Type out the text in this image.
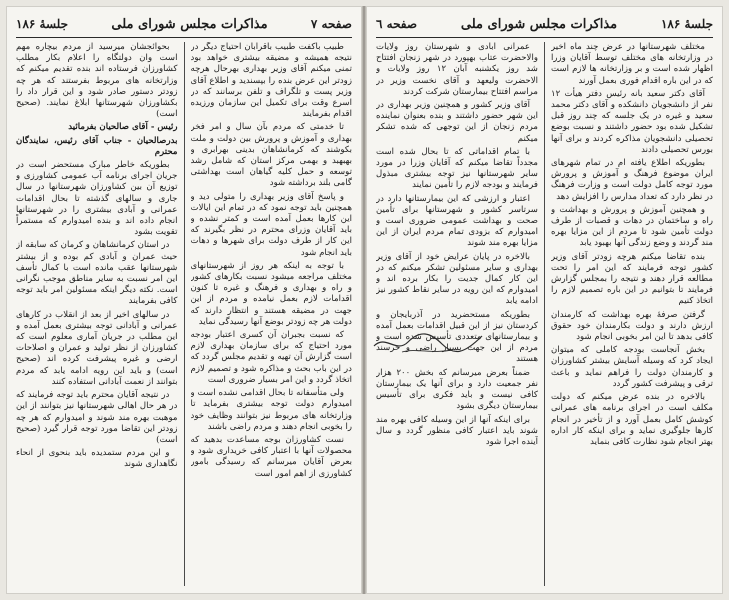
صفحه ۷
مذاکرات مجلس شورای ملی
جلسهٔ ۱۸۶

طبیب باکفت طبیب باقرابان احتیاج دیگر در نتیجه همیشه و مضیقه بیشتری خواهد بود تمنی میکنم آقای وزیر بهداری بهرحال هرچه زودتر این عرض بنده را بپسندید و اطلاع آقای وزیر پست و تلگراف و تلفن برسانند که در اسرع وقت برای تکمیل این سازمان ورزیده اقدام بفرمایند

تا خدمتی که مردم بآن سال و امر فخر بهداری و آموزش و پرورش بین دولت و ملت بکوشند که کرمانشاهان بدینی بهرابری و بهبهبد و بهمی مرکز استان که شامل رشد توسعه و حمل کلیه گیاهان است بهداشتی گامی بلند برداشته شود

و پاسخ آقای وزیر بهداری را متولی دید و همچنین باید توجه نمود که در تمام این ایالات این کارها بعمل آمده است و کمتر نشده و باید آقایان وزرای محترم در نظر بگیرند که این کار از طرف دولت برای شهرها و دهات باید انجام شود

با توجه به اینکه هر روز از شهرستانهای مختلف مراجعه میشود نسبت بکارهای کشور و راه و بهداری و فرهنگ و غیره تا کنون اقدامات لازم بعمل نیامده و مردم از این جهت در مضیقه هستند و انتظار دارند که دولت هر چه زودتر بوضع آنها رسیدگی نماید

که نسبت بجبران آن کسری اعتبار بودجه مورد احتیاج که برای سازمان بهداری لازم است گزارش آن تهیه و تقدیم مجلس گردد که در این باب بحث و مذاکره شود و تصمیم لازم اتخاذ گردد و این امر بسیار ضروری است

ولی متأسفانه تا بحال اقدامی نشده است و امیدوارم دولت توجه بیشتری بفرماید تا وزارتخانه های مربوط نیز بتوانند وظایف خود را بخوبی انجام دهند و مردم راضی باشند

نست کشاورزان بوجه مساعدت بدهید که محصولات آنها با اعتبار کافی خریداری شود و بعرض آقایان میرسانم که رسیدگی بامور کشاورزی از اهم امور است

بحوائجشان میرسید از مردم بیچاره مهم است وان دولتگاه را اعلام بکار مطلب کشاورزان فرستاده اند بنده تقدیم میکنم که وزارتخانه های مربوط بفرستند که هر چه زودتر دستور صادر شود و این قرار داد را بکشاورزان شهرستانها ابلاغ نمایند. (صحیح است)

رئیس - آقای صالحیان بفرمائید

بدرصالحیان - جناب آقای رئیس، نمایندگان محترم

بطوریکه خاطر مبارک مستحضر است در جریان اجرای برنامه آب عمومی کشاورزی و توزیع آن بین کشاورزان شهرستانها در سال جاری و سالهای گذشته تا بحال اقدامات عمرانی و آبادی بیشتری را در شهرستانها انجام داده اند و بنده امیدوارم که مستمراً تقویت بشود

در استان کرمانشاهان و کرمان که سابقه از حیث عمران و آبادی کم بوده و از بیشتر شهرستانها عقب مانده است با کمال تأسف این امر نسبت به سایر مناطق موجب نگرانی است. نکته دیگر اینکه مسئولین امر باید توجه کافی بفرمایند

در سالهای اخیر از بعد از انقلاب در کارهای عمرانی و آبادانی توجه بیشتری بعمل آمده و این مطلب در جریان آماری معلوم است که کشاورزان از نظر تولید و عمران و اصلاحات ارضی و غیره پیشرفت کرده اند (صحیح است) و باید این رویه ادامه یابد که مردم بتوانند از نعمت آبادانی استفاده کنند

در نتیجه آقایان محترم باید توجه فرمایند که در هر حال اهالی شهرستانها نیز بتوانند از این موهبت بهره مند شوند و امیدوارم که هر چه زودتر این تقاضا مورد توجه قرار گیرد (صحیح است)

و این مردم ستمدیده باید بنحوی از انحاء نگاهداری شوند

جلسهٔ ۱۸۶
مذاکرات مجلس شورای ملی
صفحه ٦

مختلف شهرستانها در عرض چند ماه اخیر در وزارتخانه های مختلف توسط آقایان وزرا اظهار شده است و بر وزارتخانه ها لازم است که در این باره اقدام فوری بعمل آورند

آقای دکتر سعید بانه رئیس دفتر هیأت ۱۲ نفر از دانشجویان دانشکده و آقای دکتر محمد سعید و غیره در یک جلسه که چند روز قبل تشکیل شده بود حضور داشتند و نسبت بوضع تحصیلی دانشجویان مذاکره کردند و برای آنها بورس تحصیلی دادند

بطوریکه اطلاع یافته ام در تمام شهرهای ایران موضوع فرهنگ و آموزش و پرورش مورد توجه کامل دولت است و وزارت فرهنگ در نظر دارد که تعداد مدارس را افزایش دهد

و همچنین آموزش و پرورش و بهداشت و راه و ساختمان در دهات و قصبات از طرف دولت تأمین شود تا مردم از این مزایا بهره مند گردند و وضع زندگی آنها بهبود یابد

بنده تقاضا میکنم هرچه زودتر آقای وزیر کشور توجه فرمایند که این امر را تحت مطالعه قرار دهند و نتیجه را بمجلس گزارش فرمایند تا بتوانیم در این باره تصمیم لازم را اتخاذ کنیم

گرفتن صرفهٔ بهره بهداشت که کارمندان ارزش دارند و دولت بکارمندان خود حقوق کافی بدهد تا این امر بخوبی انجام شود

بخش آنجاست بودجه کاملی که میتوان ایجاد کرد که وسیله آسایش بیشتر کشاورزان و کارمندان دولت را فراهم نماید و باعث ترقی و پیشرفت کشور گردد

بالاخره در بنده عرض میکنم که دولت مکلف است در اجرای برنامه های عمرانی کوشش کامل بعمل آورد و از تأخیر در انجام کارها جلوگیری نماید و برای اینکه کار اداره بهتر انجام شود نظارت کافی بنماید

عمرانی آبادی و شهرستان روز ولایات والاحضرت عتاب بهپورد در شهر زنجان افتتاح شد روز یکشنبه آبان ۱۲ روز ولایات و الاحضرت ولیعهد و آقای نخست وزیر در مراسم افتتاح بیمارستان شرکت کردند

آقای وزیر کشور و همچنین وزیر بهداری در این شهر حضور داشتند و بنده بعنوان نماینده مردم زنجان از این توجهی که شده تشکر میکنم

با تمام اقداماتی که تا بحال شده است مجدداً تقاضا میکنم که آقایان وزرا در مورد سایر شهرستانها نیز توجه بیشتری مبذول فرمایند و بودجه لازم را تأمین نمایند

اعتبار و ارزشی که این بیمارستانها دارد در سرتاسر کشور و شهرستانها برای تأمین صحت و بهداشت عمومی ضروری است و امیدوارم که بزودی تمام مردم ایران از این مزایا بهره مند شوند

بالاخره در پایان عرایض خود از آقای وزیر بهداری و سایر مسئولین تشکر میکنم که در این کار کمال جدیت را بکار برده اند و امیدوارم که این رویه در سایر نقاط کشور نیز ادامه یابد

بطوریکه مستحضرید در آذربایجان و کردستان نیز از این قبیل اقدامات بعمل آمده و بیمارستانهای متعددی تأسیس شده است و مردم از این جهت بسیار راضی و خرسند هستند

ضمناً بعرض میرسانم که بخش ۲۰۰ هزار نفر جمعیت دارد و برای آنها یک بیمارستان کافی نیست و باید فکری برای تأسیس بیمارستان دیگری بشود

برای اینکه آنها از این وسیله کافی بهره مند شوند باید اعتبار کافی منظور گردد و سال آینده اجرا شود
